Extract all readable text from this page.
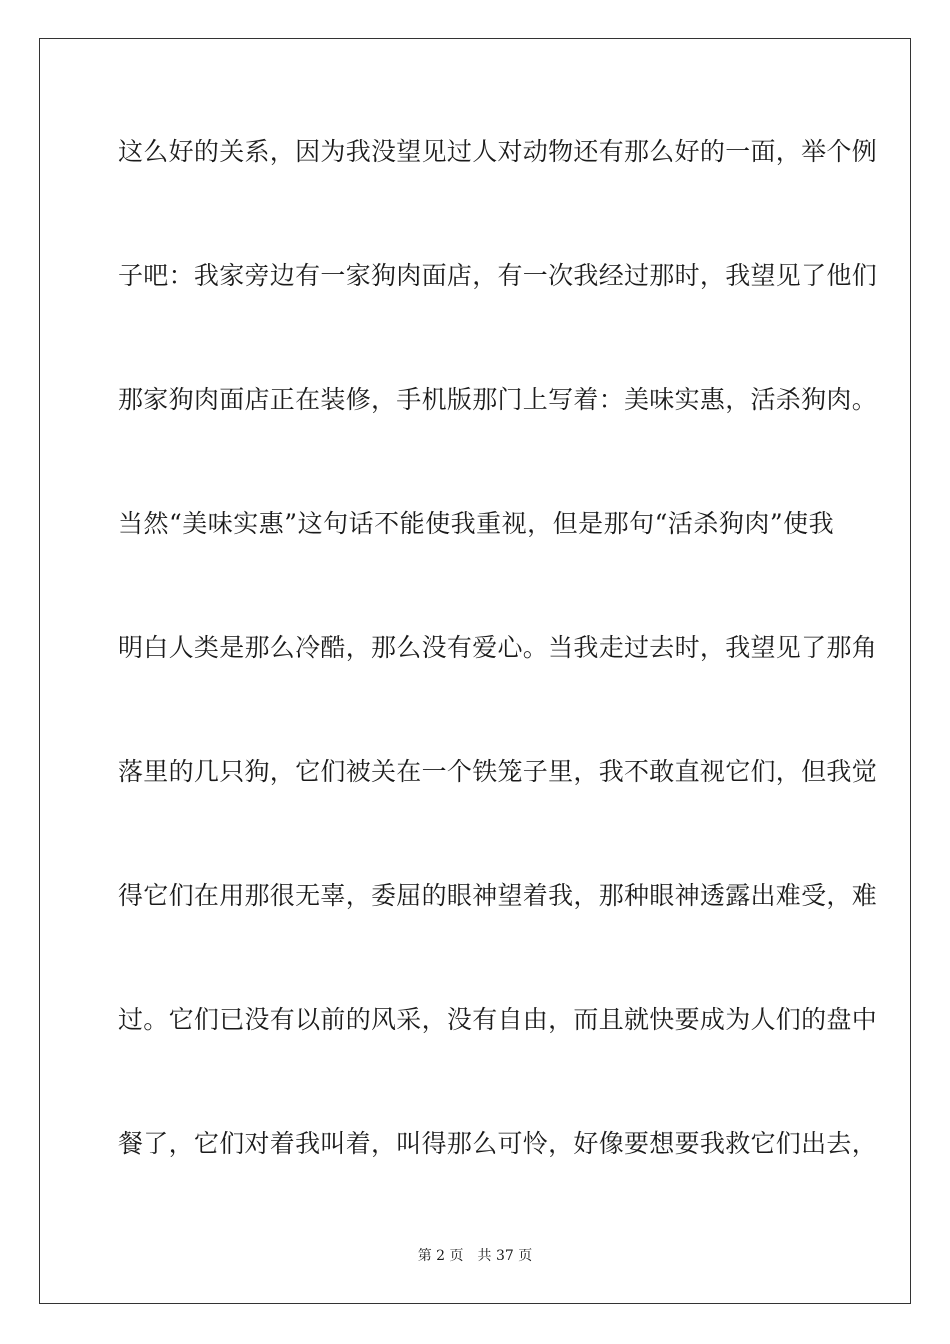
这么好的关系，因为我没望见过人对动物还有那么好的一面，举个例
子吧：我家旁边有一家狗肉面店，有一次我经过那时，我望见了他们
那家狗肉面店正在装修，手机版那门上写着：美味实惠，活杀狗肉。
当然“美味实惠”这句话不能使我重视，但是那句“活杀狗肉”使我
明白人类是那么冷酷，那么没有爱心。当我走过去时，我望见了那角
落里的几只狗，它们被关在一个铁笼子里，我不敢直视它们，但我觉
得它们在用那很无辜，委屈的眼神望着我，那种眼神透露出难受，难
过。它们已没有以前的风采，没有自由，而且就快要成为人们的盘中
餐了，它们对着我叫着，叫得那么可怜，好像要想要我救它们出去，
第 2 页 共 37 页
